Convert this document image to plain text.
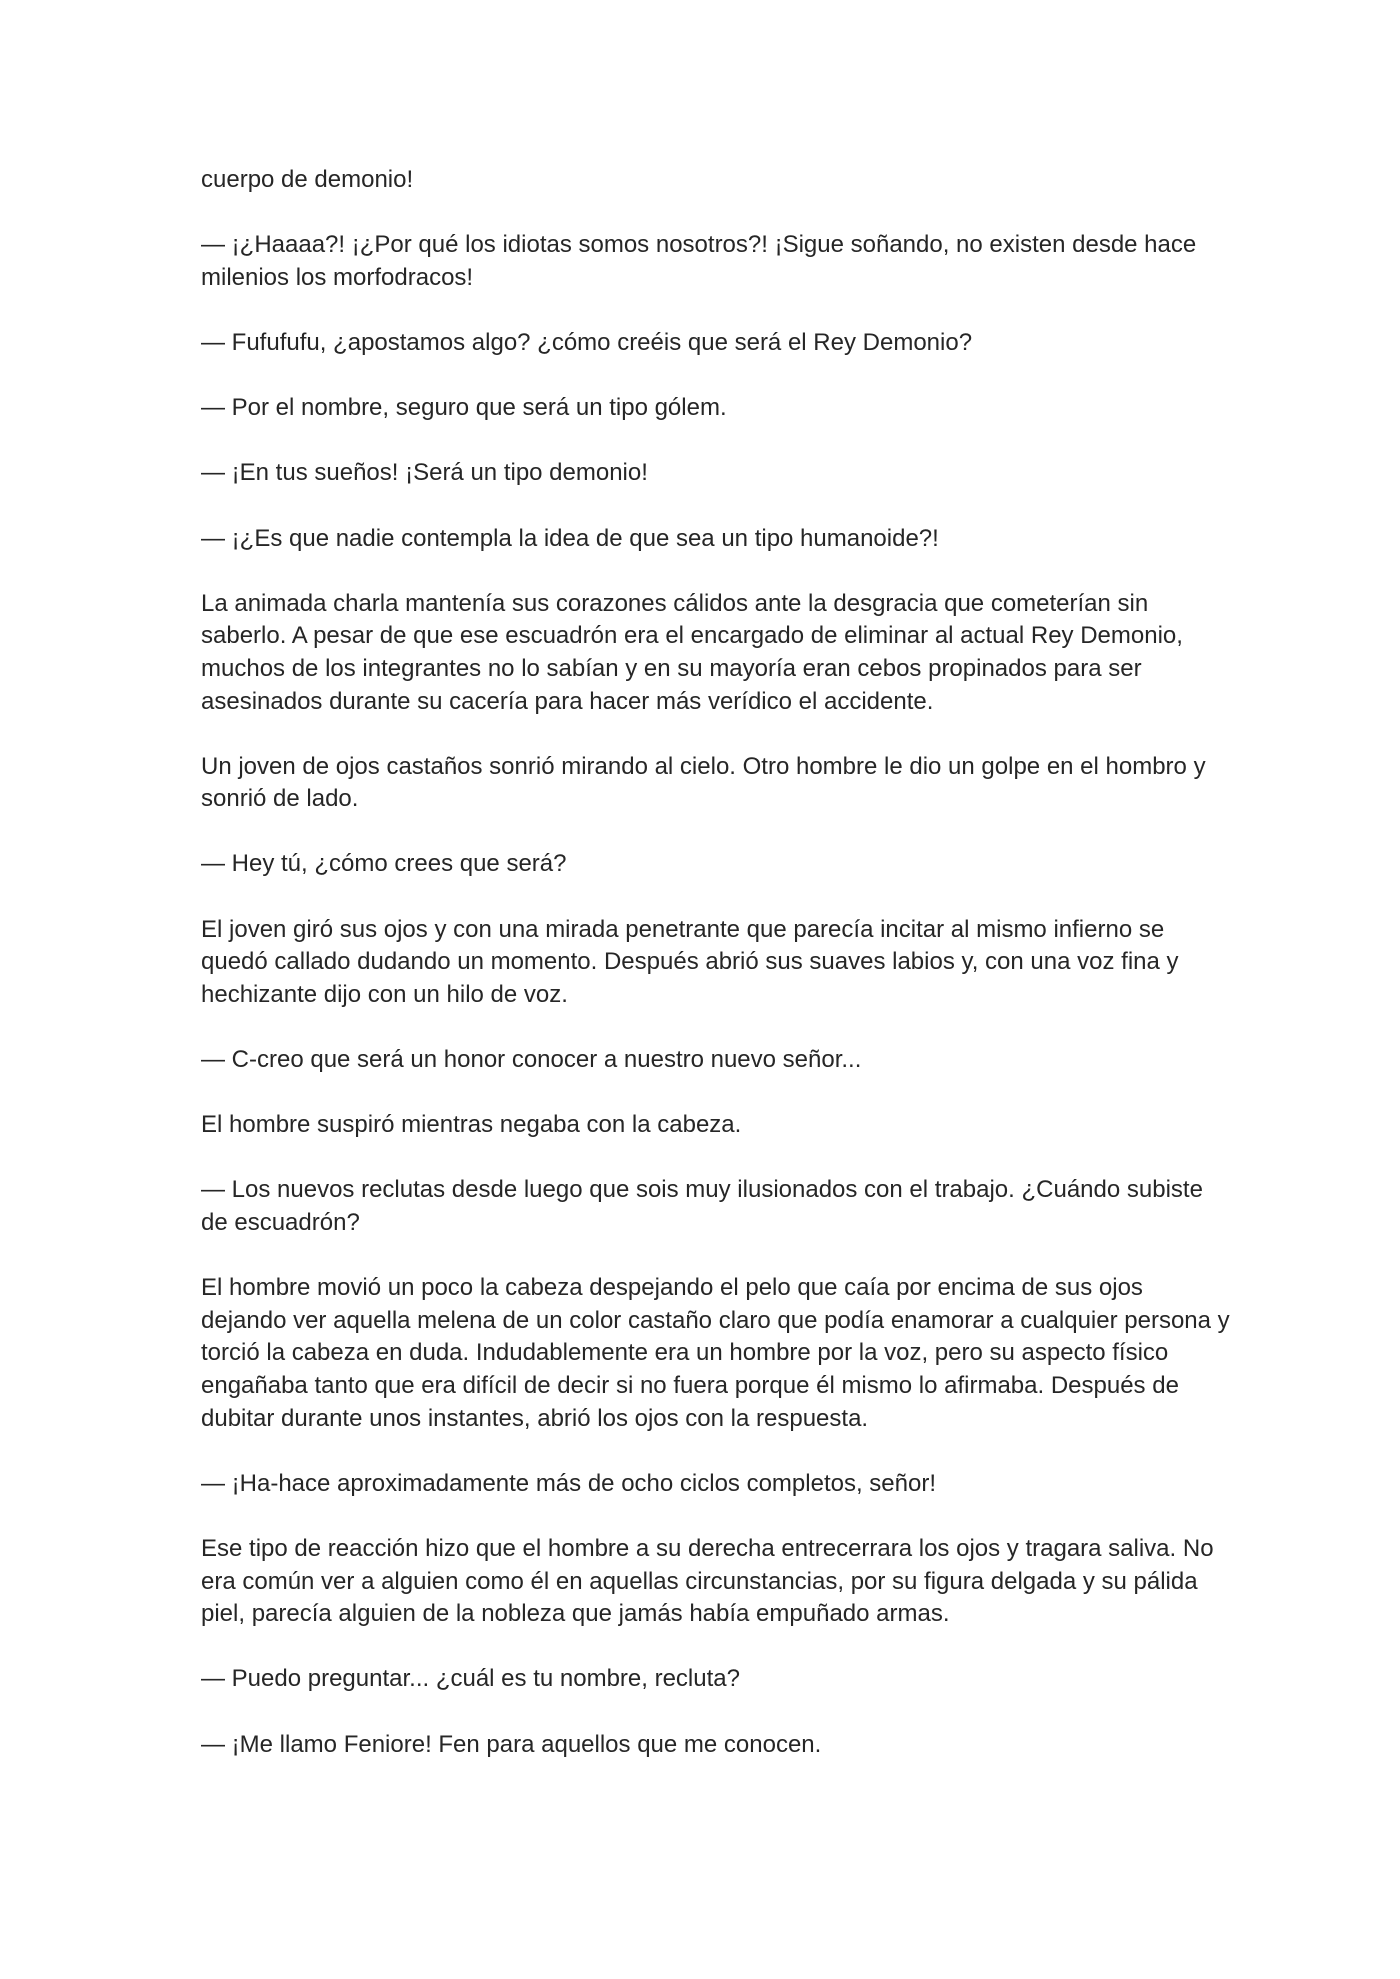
cuerpo de demonio!

— ¡¿Haaaa?! ¡¿Por qué los idiotas somos nosotros?! ¡Sigue soñando, no existen desde hace milenios los morfodracos!

— Fufufufu, ¿apostamos algo? ¿cómo creéis que será el Rey Demonio?

— Por el nombre, seguro que será un tipo gólem.

— ¡En tus sueños! ¡Será un tipo demonio!

— ¡¿Es que nadie contempla la idea de que sea un tipo humanoide?!

La animada charla mantenía sus corazones cálidos ante la desgracia que cometerían sin saberlo. A pesar de que ese escuadrón era el encargado de eliminar al actual Rey Demonio, muchos de los integrantes no lo sabían y en su mayoría eran cebos propinados para ser asesinados durante su cacería para hacer más verídico el accidente.

Un joven de ojos castaños sonrió mirando al cielo. Otro hombre le dio un golpe en el hombro y sonrió de lado.

— Hey tú, ¿cómo crees que será?

El joven giró sus ojos y con una mirada penetrante que parecía incitar al mismo infierno se quedó callado dudando un momento. Después abrió sus suaves labios y, con una voz fina y hechizante dijo con un hilo de voz.

— C-creo que será un honor conocer a nuestro nuevo señor...

El hombre suspiró mientras negaba con la cabeza.

— Los nuevos reclutas desde luego que sois muy ilusionados con el trabajo. ¿Cuándo subiste de escuadrón?

El hombre movió un poco la cabeza despejando el pelo que caía por encima de sus ojos dejando ver aquella melena de un color castaño claro que podía enamorar a cualquier persona y torció la cabeza en duda. Indudablemente era un hombre por la voz, pero su aspecto físico engañaba tanto que era difícil de decir si no fuera porque él mismo lo afirmaba. Después de dubitar durante unos instantes, abrió los ojos con la respuesta.

— ¡Ha-hace aproximadamente más de ocho ciclos completos, señor!

Ese tipo de reacción hizo que el hombre a su derecha entrecerrara los ojos y tragara saliva. No era común ver a alguien como él en aquellas circunstancias, por su figura delgada y su pálida piel, parecía alguien de la nobleza que jamás había empuñado armas.

— Puedo preguntar... ¿cuál es tu nombre, recluta?

— ¡Me llamo Feniore! Fen para aquellos que me conocen.
